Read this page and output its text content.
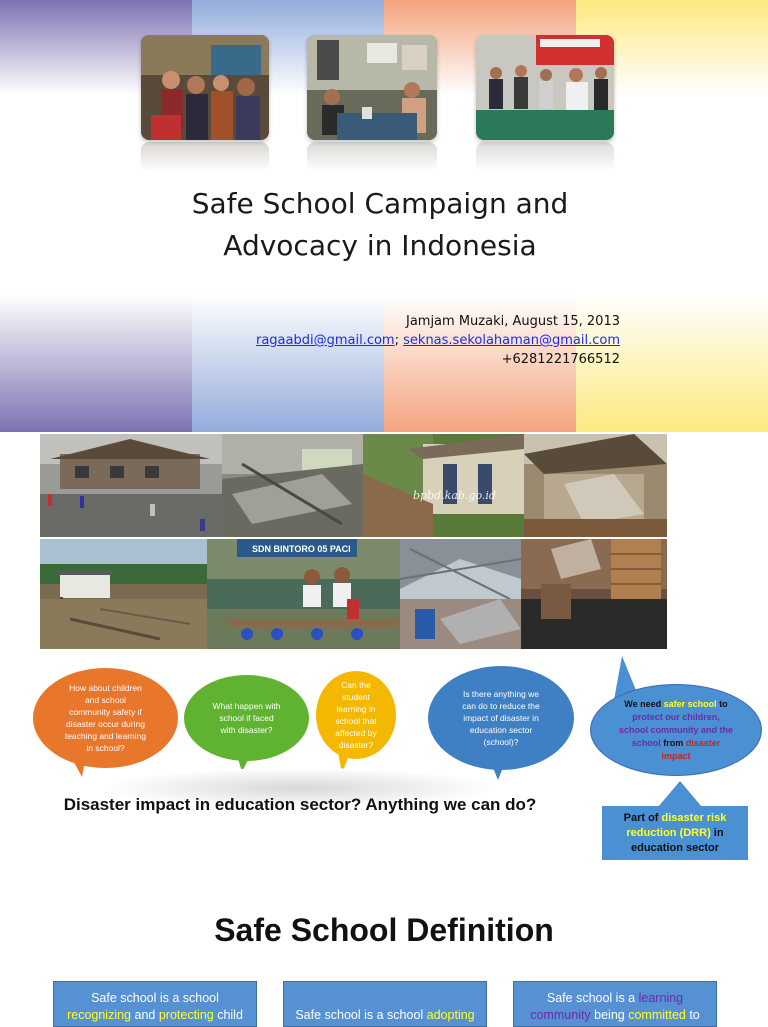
Safe School Campaign and
Advocacy in Indonesia
Jamjam Muzaki, August 15, 2013
ragaabdi@gmail.com; seknas.sekolahaman@gmail.com
+6281221766512
bpbd.kab.go.id
SDN BINTORO 05 PACI
How about children and school community safety if disaster occur during teaching and learning in school?
What happen with school if faced with disaster?
Can the student learning in school that affected by disaster?
Is there anything we can do to reduce the impact of disaster in education sector (school)?
We need safer school to protect our children, school community and the school from disaster impact
Disaster impact in education sector? Anything we can do?
Part of disaster risk reduction (DRR) in education sector
Safe School Definition
Safe school is a school
recognizing and protecting child	Safe school is a school adopting
Safe school is a learning
community being committed to
